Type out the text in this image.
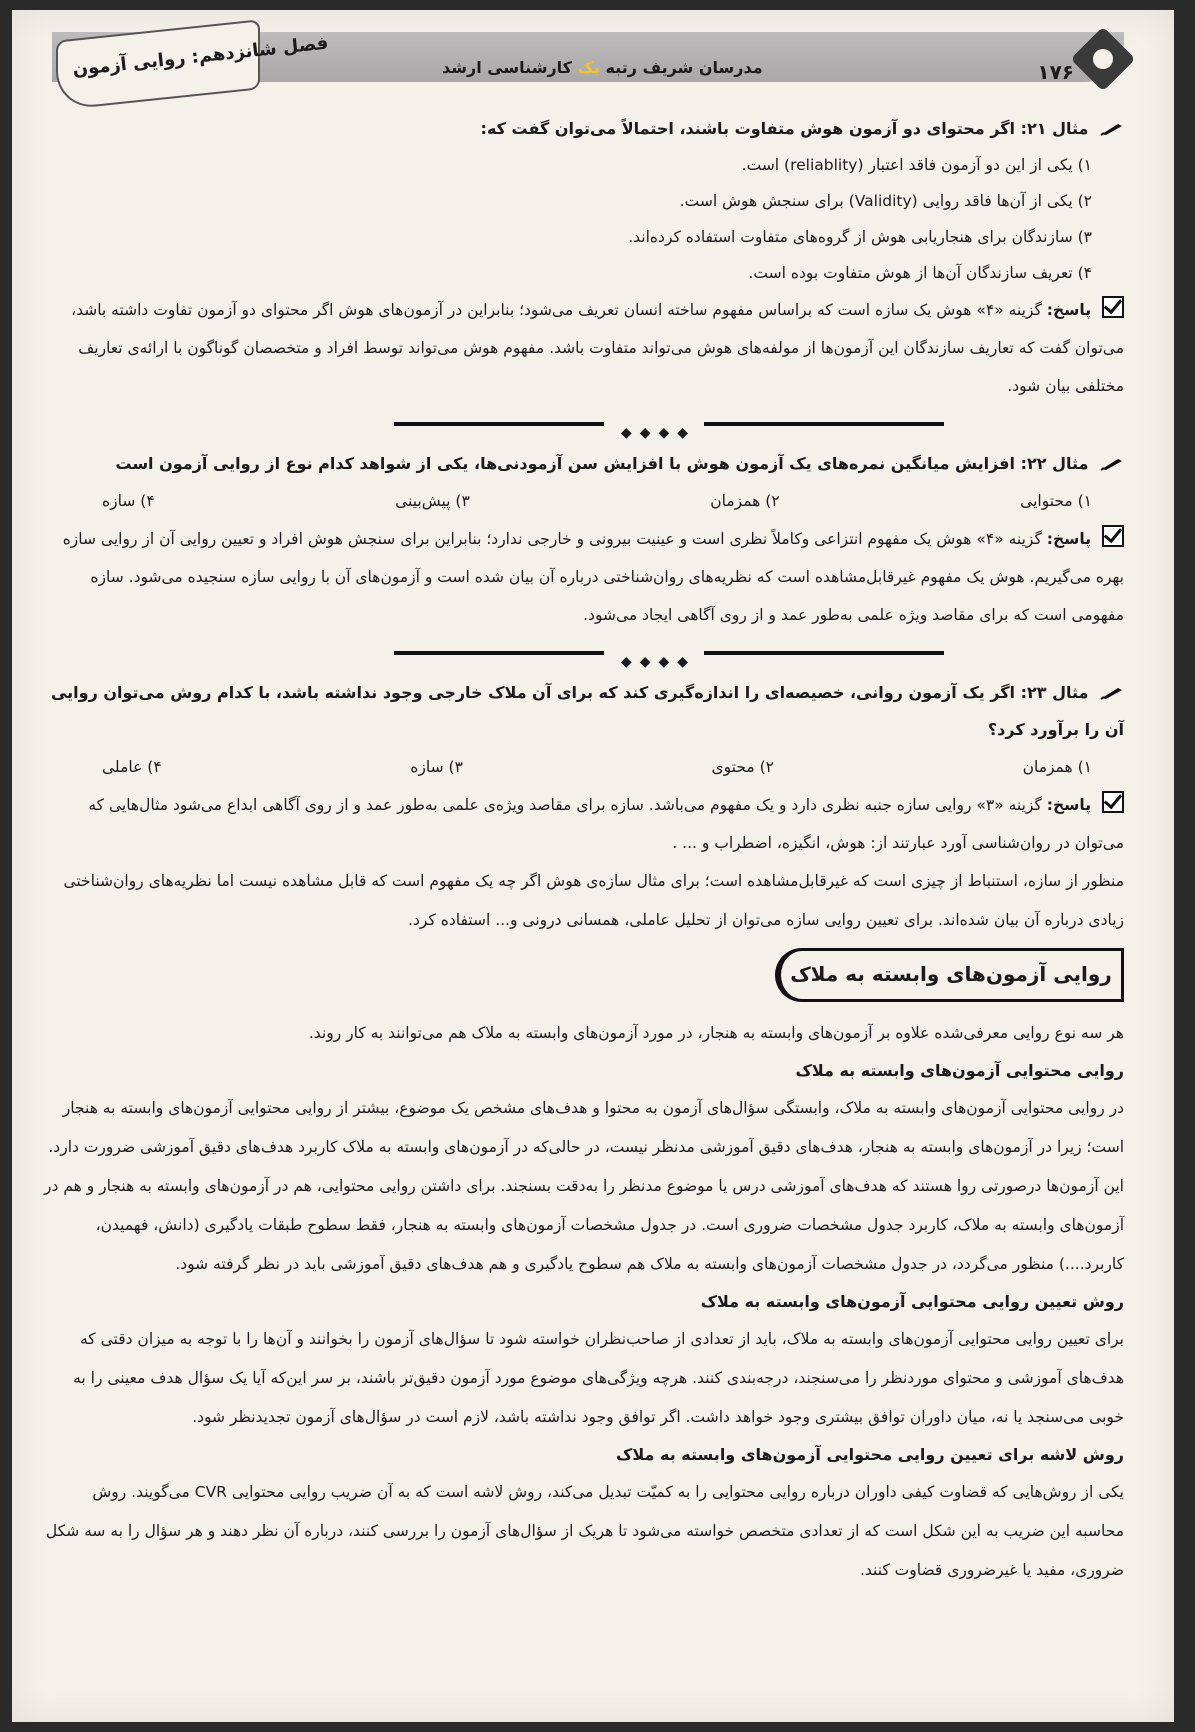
فصل شانزدهم: روایی آزمون	مدرسان شریف رتبه یک کارشناسی ارشد	۱۷۶
مثال ۲۱: اگر محتوای دو آزمون هوش متفاوت باشند، احتمالاً می‌توان گفت که:
۱) یکی از این دو آزمون فاقد اعتبار (reliablity) است.
۲) یکی از آن‌ها فاقد روایی (Validity) برای سنجش هوش است.
۳) سازندگان برای هنجاریابی هوش از گروه‌های متفاوت استفاده کرده‌اند.
۴) تعریف سازندگان آن‌ها از هوش متفاوت بوده است.
پاسخ: گزینه «۴» هوش یک سازه است که براساس مفهوم ساخته انسان تعریف می‌شود؛ بنابراین در آزمون‌های هوش اگر محتوای دو آزمون تفاوت داشته باشد، می‌توان گفت که تعاریف سازندگان این آزمون‌ها از مولفه‌های هوش می‌تواند متفاوت باشد. مفهوم هوش می‌تواند توسط افراد و متخصصان گوناگون با ارائه‌ی تعاریف مختلفی بیان شود.
◆◆◆◆
مثال ۲۲: افزایش میانگین نمره‌های یک آزمون هوش با افزایش سن آزمودنی‌ها، یکی از شواهد کدام نوع از روایی آزمون است
۱) محتوایی
۲) همزمان
۳) پیش‌بینی
۴) سازه
پاسخ: گزینه «۴» هوش یک مفهوم انتزاعی وکاملاً نظری است و عینیت بیرونی و خارجی ندارد؛ بنابراین برای سنجش هوش افراد و تعیین روایی آن از روایی سازه بهره می‌گیریم. هوش یک مفهوم غیرقابل‌مشاهده است که نظریه‌های روان‌شناختی درباره آن بیان شده است و آزمون‌های آن با روایی سازه سنجیده می‌شود. سازه مفهومی است که برای مقاصد ویژه علمی به‌طور عمد و از روی آگاهی ایجاد می‌شود.
◆◆◆◆
مثال ۲۳: اگر یک آزمون روانی، خصیصه‌ای را اندازه‌گیری کند که برای آن ملاک خارجی وجود نداشته باشد، با کدام روش می‌توان روایی آن را برآورد کرد؟
۱) همزمان
۲) محتوی
۳) سازه
۴) عاملی
پاسخ: گزینه «۳» روایی سازه جنبه نظری دارد و یک مفهوم می‌باشد. سازه برای مقاصد ویژه‌ی علمی به‌طور عمد و از روی آگاهی ابداع می‌شود مثال‌هایی که می‌توان در روان‌شناسی آورد عبارتند از: هوش، انگیزه، اضطراب و ... .
منظور از سازه، استنباط از چیزی است که غیرقابل‌مشاهده است؛ برای مثال سازه‌ی هوش اگر چه یک مفهوم است که قابل مشاهده نیست اما نظریه‌های روان‌شناختی زیادی درباره آن بیان شده‌اند. برای تعیین روایی سازه می‌توان از تحلیل عاملی، همسانی درونی و... استفاده کرد.
روایی آزمون‌های وابسته به ملاک
هر سه نوع روایی معرفی‌شده علاوه بر آزمون‌های وابسته به هنجار، در مورد آزمون‌های وابسته به ملاک هم می‌توانند به کار روند.
روایی محتوایی آزمون‌های وابسته به ملاک
در روایی محتوایی آزمون‌های وابسته به ملاک، وابستگی سؤال‌های آزمون به محتوا و هدف‌های مشخص یک موضوع، بیشتر از روایی محتوایی آزمون‌های وابسته به هنجار است؛ زیرا در آزمون‌های وابسته به هنجار، هدف‌های دقیق آموزشی مدنظر نیست، در حالی‌که در آزمون‌های وابسته به ملاک کاربرد هدف‌های دقیق آموزشی ضرورت دارد. این آزمون‌ها درصورتی روا هستند که هدف‌های آموزشی درس یا موضوع مدنظر را به‌دقت بسنجند. برای داشتن روایی محتوایی، هم در آزمون‌های وابسته به هنجار و هم در آزمون‌های وابسته به ملاک، کاربرد جدول مشخصات ضروری است. در جدول مشخصات آزمون‌های وابسته به هنجار، فقط سطوح طبقات یادگیری (دانش، فهمیدن، کاربرد....) منظور می‌گردد، در جدول مشخصات آزمون‌های وابسته به ملاک هم سطوح یادگیری و هم هدف‌های دقیق آموزشی باید در نظر گرفته شود.
روش تعیین روایی محتوایی آزمون‌های وابسته به ملاک
برای تعیین روایی محتوایی آزمون‌های وابسته به ملاک، باید از تعدادی از صاحب‌نظران خواسته شود تا سؤال‌های آزمون را بخوانند و آن‌ها را با توجه به میزان دقتی که هدف‌های آموزشی و محتوای موردنظر را می‌سنجند، درجه‌بندی کنند. هرچه ویژگی‌های موضوع مورد آزمون دقیق‌تر باشند، بر سر این‌که آیا یک سؤال هدف معینی را به خوبی می‌سنجد یا نه، میان داوران توافق بیشتری وجود خواهد داشت. اگر توافق وجود نداشته باشد، لازم است در سؤال‌های آزمون تجدیدنظر شود.
روش لاشه برای تعیین روایی محتوایی آزمون‌های وابسته به ملاک
یکی از روش‌هایی که قضاوت کیفی داوران درباره روایی محتوایی را به کمیّت تبدیل می‌کند، روش لاشه است که به آن ضریب روایی محتوایی CVR می‌گویند. روش محاسبه این ضریب به این شکل است که از تعدادی متخصص خواسته می‌شود تا هریک از سؤال‌های آزمون را بررسی کنند، درباره آن نظر دهند و هر سؤال را به سه شکل ضروری، مفید یا غیرضروری قضاوت کنند.
